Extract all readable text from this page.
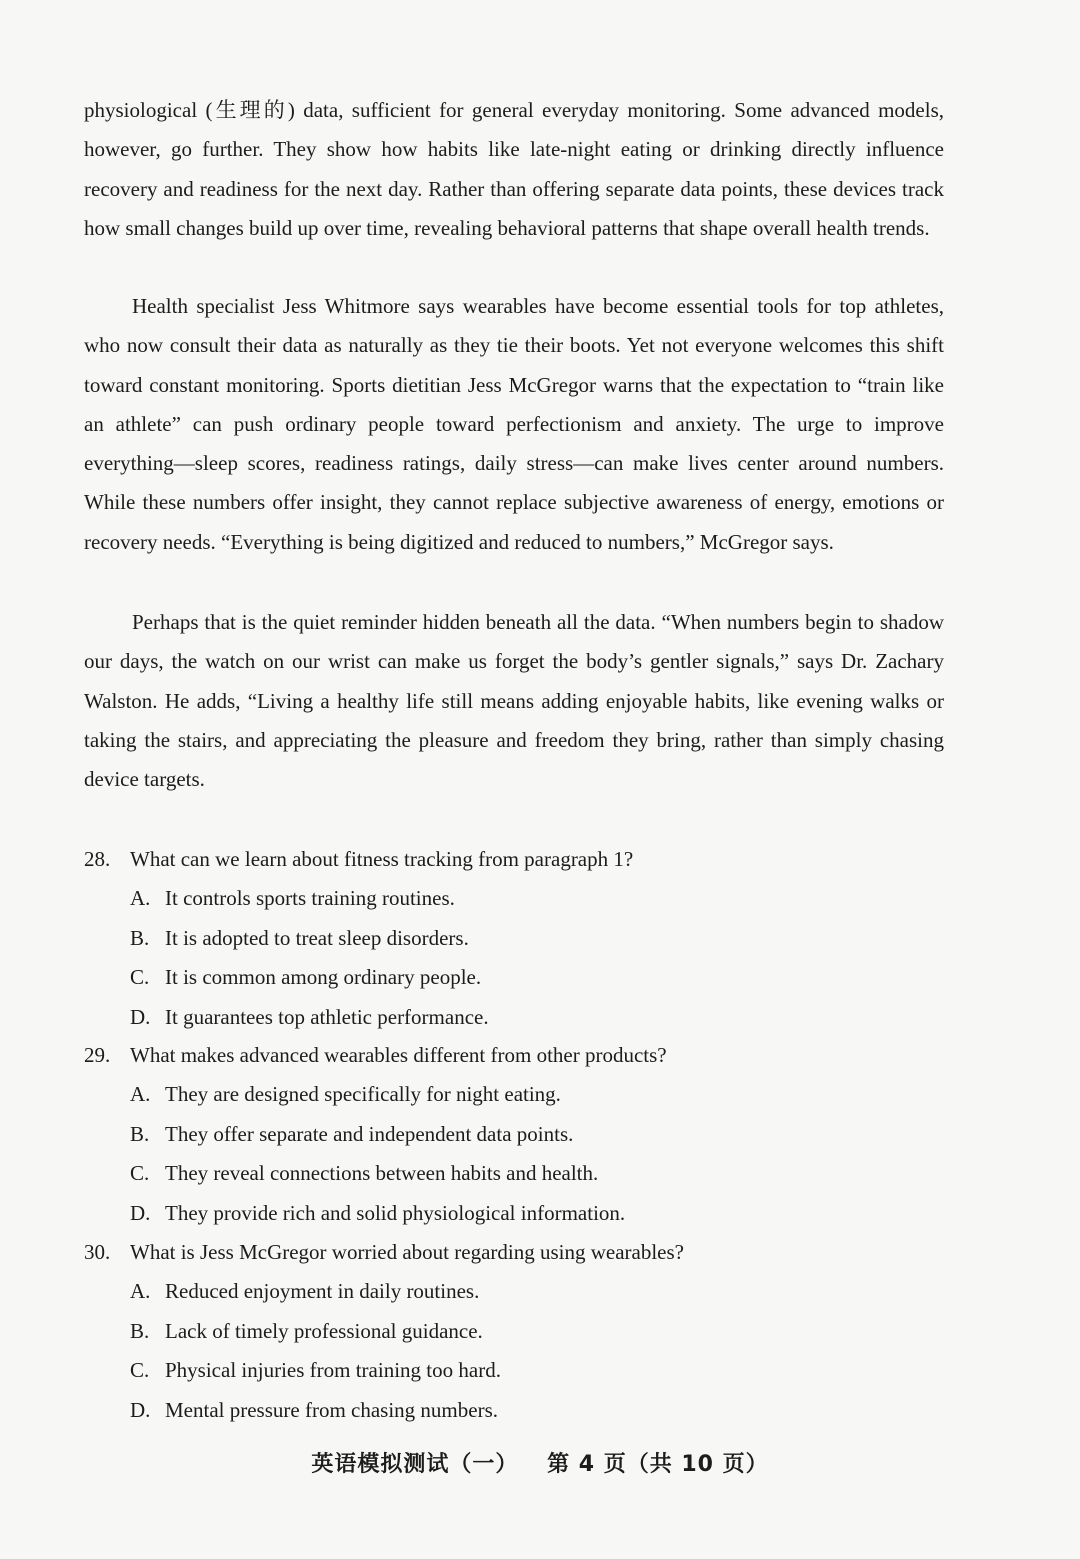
physiological (生理的) data, sufficient for general everyday monitoring. Some advanced models, however, go further. They show how habits like late-night eating or drinking directly influence recovery and readiness for the next day. Rather than offering separate data points, these devices track how small changes build up over time, revealing behavioral patterns that shape overall health trends.

Health specialist Jess Whitmore says wearables have become essential tools for top athletes, who now consult their data as naturally as they tie their boots. Yet not everyone welcomes this shift toward constant monitoring. Sports dietitian Jess McGregor warns that the expectation to “train like an athlete” can push ordinary people toward perfectionism and anxiety. The urge to improve everything—sleep scores, readiness ratings, daily stress—can make lives center around numbers. While these numbers offer insight, they cannot replace subjective awareness of energy, emotions or recovery needs. “Everything is being digitized and reduced to numbers,” McGregor says.

Perhaps that is the quiet reminder hidden beneath all the data. “When numbers begin to shadow our days, the watch on our wrist can make us forget the body’s gentler signals,” says Dr. Zachary Walston. He adds, “Living a healthy life still means adding enjoyable habits, like evening walks or taking the stairs, and appreciating the pleasure and freedom they bring, rather than simply chasing device targets.

28. What can we learn about fitness tracking from paragraph 1?
A. It controls sports training routines.
B. It is adopted to treat sleep disorders.
C. It is common among ordinary people.
D. It guarantees top athletic performance.
29. What makes advanced wearables different from other products?
A. They are designed specifically for night eating.
B. They offer separate and independent data points.
C. They reveal connections between habits and health.
D. They provide rich and solid physiological information.
30. What is Jess McGregor worried about regarding using wearables?
A. Reduced enjoyment in daily routines.
B. Lack of timely professional guidance.
C. Physical injuries from training too hard.
D. Mental pressure from chasing numbers.
英语模拟测试（一） 第 4 页（共 10 页）
